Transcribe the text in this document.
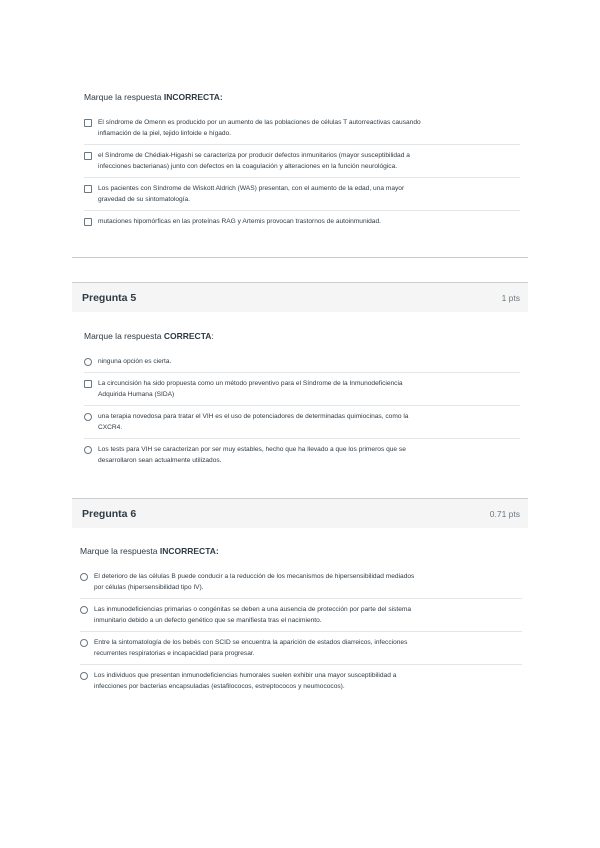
Marque la respuesta INCORRECTA:

El síndrome de Omenn es producido por un aumento de las poblaciones de células T autorreactivas causando
inflamación de la piel, tejido linfoide e hígado.
el Síndrome de Chédiak-Higashi se caracteriza por producir defectos inmunitarios (mayor susceptibilidad a
infecciones bacterianas) junto con defectos en la coagulación y alteraciones en la función neurológica.
Los pacientes con Síndrome de Wiskott Aldrich (WAS) presentan, con el aumento de la edad, una mayor
gravedad de su sintomatología.
mutaciones hipomórficas en las proteínas RAG y Artemis provocan trastornos de autoinmunidad.
Pregunta 5	1 pts

Marque la respuesta CORRECTA:

ninguna opción es cierta.
La circuncisión ha sido propuesta como un método preventivo para el Síndrome de la Inmunodeficiencia
Adquirida Humana (SIDA)
una terapia novedosa para tratar el VIH es el uso de potenciadores de determinadas quimiocinas, como la
CXCR4.
Los tests para VIH se caracterizan por ser muy estables, hecho que ha llevado a que los primeros que se
desarrollaron sean actualmente utilizados.
Pregunta 6	0.71 pts

Marque la respuesta INCORRECTA:

El deterioro de las células B puede conducir a la reducción de los mecanismos de hipersensibilidad mediados
por células (hipersensibilidad tipo IV).
Las inmunodeficiencias primarias o congénitas se deben a una ausencia de protección por parte del sistema
inmunitario debido a un defecto genético que se manifiesta tras el nacimiento.
Entre la sintomatología de los bebés con SCID se encuentra la aparición de estados diarreicos, infecciones
recurrentes respiratorias e incapacidad para progresar.
Los individuos que presentan inmunodeficiencias humorales suelen exhibir una mayor susceptibilidad a
infecciones por bacterias encapsuladas (estafilococos, estreptococos y neumococos).
